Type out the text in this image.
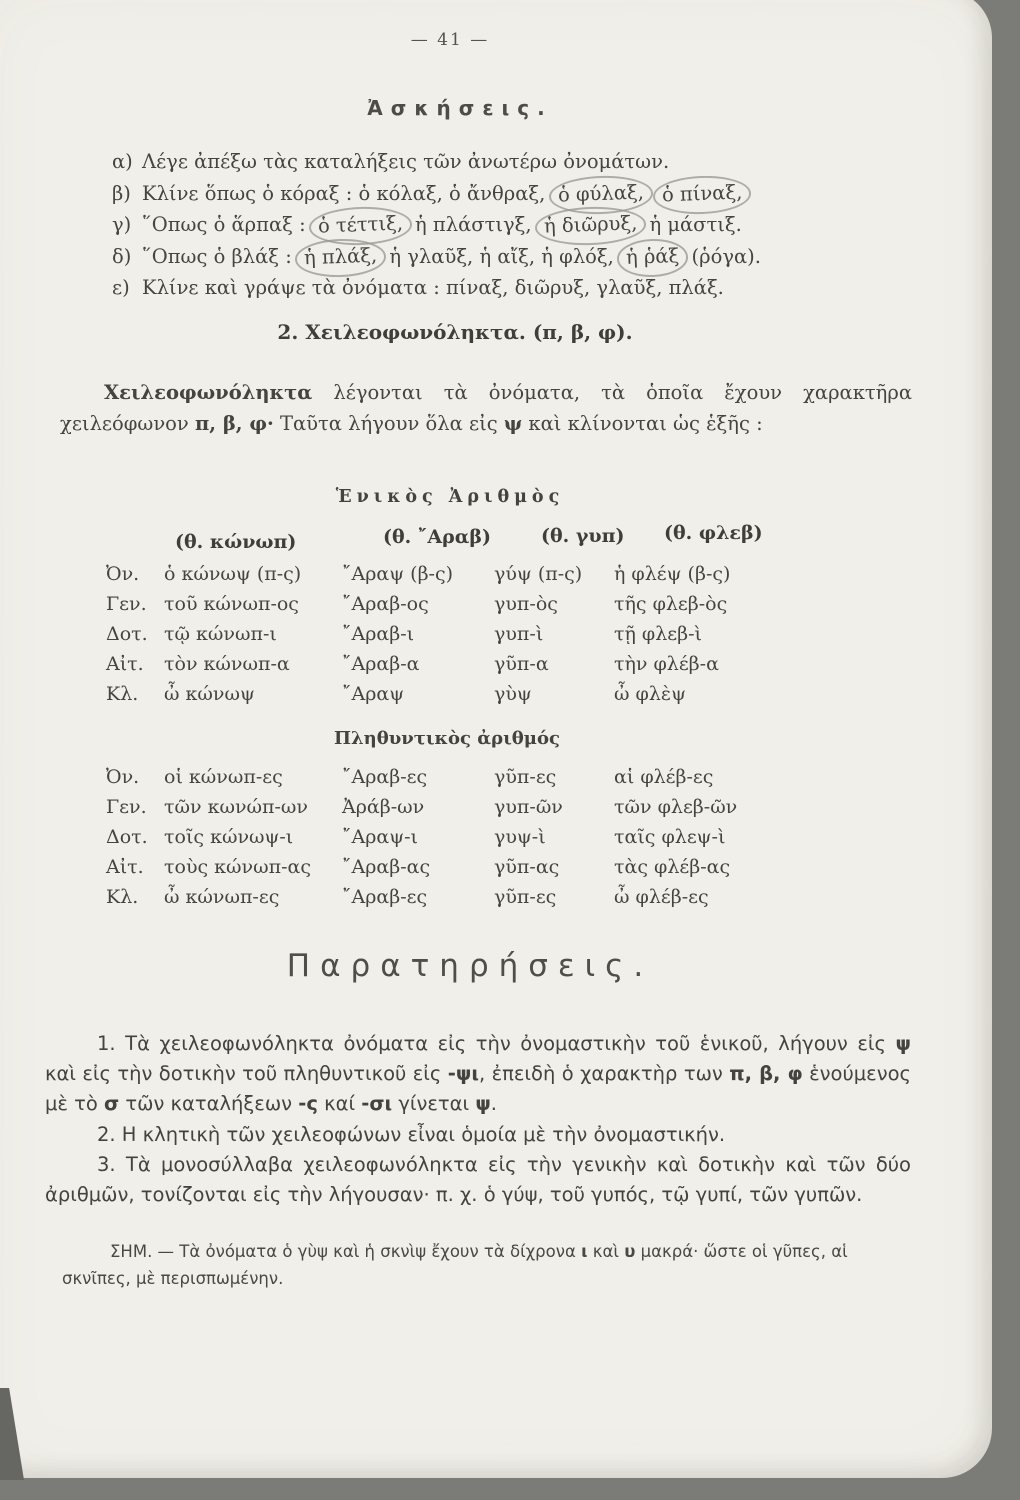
— 41 —
Ἀσκήσεις.
α) Λέγε ἀπέξω τὰς καταλήξεις τῶν ἀνωτέρω ὀνομάτων.
β) Κλίνε ὅπως ὁ κόραξ : ὁ κόλαξ, ὁ ἄνθραξ, ὁ φύλαξ, ὁ πίναξ,
γ) ῞Οπως ὁ ἅρπαξ : ὁ τέττιξ, ἡ πλάστιγξ, ἡ διῶρυξ, ἡ μάστιξ.
δ) ῞Οπως ὁ βλάξ : ἡ πλάξ, ἡ γλαῦξ, ἡ αἴξ, ἡ φλόξ, ἡ ῥάξ (ῥόγα).
ε) Κλίνε καὶ γράψε τὰ ὀνόματα : πίναξ, διῶρυξ, γλαῦξ, πλάξ.
2. Χειλεοφωνόληκτα. (π, β, φ).
Χειλεοφωνόληκτα λέγονται τὰ ὀνόματα, τὰ ὁποῖα ἔχουν χαρακτῆρα χειλεόφωνον π, β, φ· Ταῦτα λήγουν ὅλα εἰς ψ καὶ κλίνονται ὡς ἑξῆς :
Ἑνικὸς Ἀριθμὸς
(θ. κώνωπ)	(θ. ῎Αραβ)	(θ. γυπ) (θ. φλεβ)
Ὀν.	ὁ κώνωψ (π-ς)	῎Αραψ (β-ς)	γύψ (π-ς)	ἡ φλέψ (β-ς)
Γεν. τοῦ κώνωπ-ος	῎Αραβ-ος	γυπ-ὸς	τῆς φλεβ-ὸς
Δοτ. τῷ κώνωπ-ι	῎Αραβ-ι	γυπ-ὶ	τῇ φλεβ-ὶ
Αἰτ.	τὸν κώνωπ-α	῎Αραβ-α	γῦπ-α	τὴν φλέβ-α
Κλ.	ὦ κώνωψ	῎Αραψ	γὺψ	ὦ φλὲψ
Πληθυντικὸς ἀριθμός
Ὀν.	οἱ κώνωπ-ες	῎Αραβ-ες	γῦπ-ες	αἱ φλέβ-ες
Γεν. τῶν κωνώπ-ων	Ἀράβ-ων	γυπ-ῶν	τῶν φλεβ-ῶν
Δοτ. τοῖς κώνωψ-ι	῎Αραψ-ι	γυψ-ὶ	ταῖς φλεψ-ὶ
Αἰτ.	τοὺς κώνωπ-ας	῎Αραβ-ας	γῦπ-ας	τὰς φλέβ-ας
Κλ.	ὦ κώνωπ-ες	῎Αραβ-ες	γῦπ-ες	ὦ φλέβ-ες
Παρατηρήσεις.
1. Τὰ χειλεοφωνόληκτα ὀνόματα εἰς τὴν ὀνομαστικὴν τοῦ ἑνικοῦ, λήγουν εἰς ψ καὶ εἰς τὴν δοτικὴν τοῦ πληθυντικοῦ εἰς -ψι, ἐπειδὴ ὁ χαρακτὴρ των π, β, φ ἑνούμενος μὲ τὸ σ τῶν καταλήξεων -ς καί -σι γίνεται ψ.
2. Η κλητικὴ τῶν χειλεοφώνων εἶναι ὁμοία μὲ τὴν ὀνομαστικήν.
3. Τὰ μονοσύλλαβα χειλεοφωνόληκτα εἰς τὴν γενικὴν καὶ δοτικὴν καὶ τῶν δύο ἀριθμῶν, τονίζονται εἰς τὴν λήγουσαν· π. χ. ὁ γύψ, τοῦ γυπός, τῷ γυπί, τῶν γυπῶν.
ΣΗΜ. — Τὰ ὀνόματα ὁ γὺψ καὶ ἡ σκνὶψ ἔχουν τὰ δίχρονα ι καὶ υ μακρά· ὥστε οἱ γῦπες, αἱ σκνῖπες, μὲ περισπωμένην.
